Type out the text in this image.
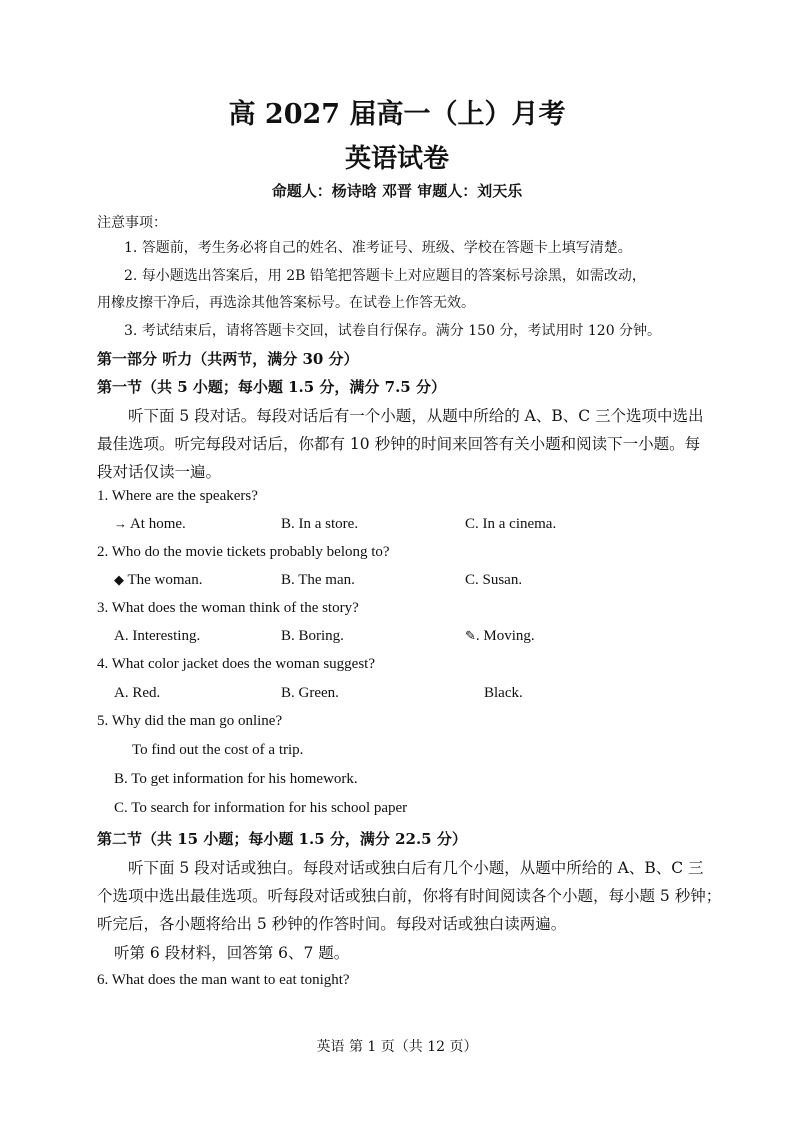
高 2027 届高一（上）月考
英语试卷
命题人：杨诗晗 邓晋 审题人：刘天乐
注意事项：
1. 答题前，考生务必将自己的姓名、准考证号、班级、学校在答题卡上填写清楚。
2. 每小题选出答案后，用 2B 铅笔把答题卡上对应题目的答案标号涂黑，如需改动，
用橡皮擦干净后，再选涂其他答案标号。在试卷上作答无效。
3. 考试结束后，请将答题卡交回，试卷自行保存。满分 150 分，考试用时 120 分钟。
第一部分 听力（共两节，满分 30 分）
第一节（共 5 小题；每小题 1.5 分，满分 7.5 分）
听下面 5 段对话。每段对话后有一个小题，从题中所给的 A、B、C 三个选项中选出
最佳选项。听完每段对话后，你都有 10 秒钟的时间来回答有关小题和阅读下一小题。每
段对话仅读一遍。
1. Where are the speakers?
→ At home.	B. In a store.	C. In a cinema.
2. Who do the movie tickets probably belong to?
◆ The woman.	B. The man.	C. Susan.
3. What does the woman think of the story?
A. Interesting.	B. Boring.	✎. Moving.
4. What color jacket does the woman suggest?
A. Red.	B. Green.	Black.
5. Why did the man go online?
To find out the cost of a trip.
B. To get information for his homework.
C. To search for information for his school paper
第二节（共 15 小题；每小题 1.5 分，满分 22.5 分）
听下面 5 段对话或独白。每段对话或独白后有几个小题，从题中所给的 A、B、C 三
个选项中选出最佳选项。听每段对话或独白前，你将有时间阅读各个小题，每小题 5 秒钟；
听完后，各小题将给出 5 秒钟的作答时间。每段对话或独白读两遍。
听第 6 段材料，回答第 6、7 题。
6. What does the man want to eat tonight?
英语 第 1 页（共 12 页）
